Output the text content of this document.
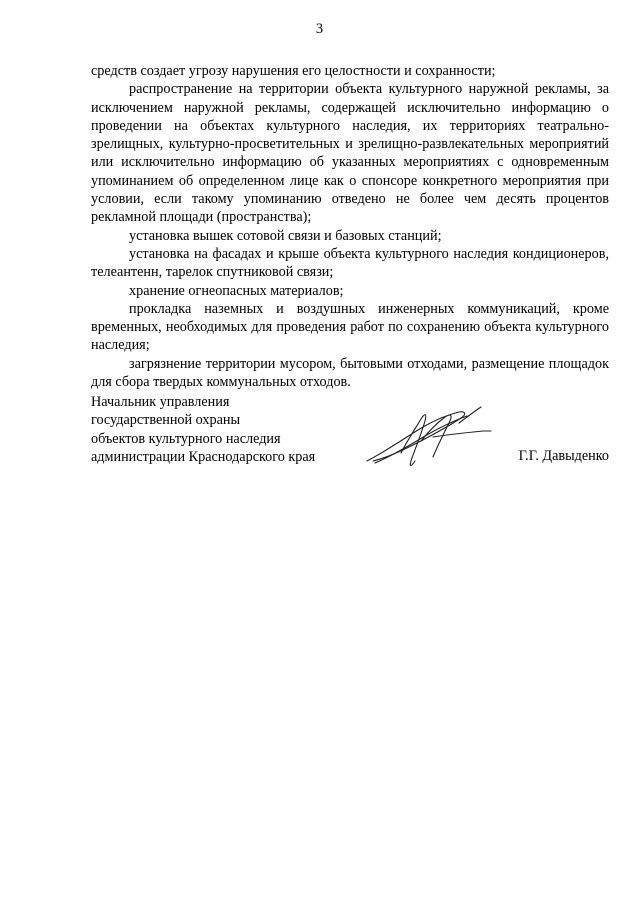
3

средств создает угрозу нарушения его целостности и сохранности;

распространение на территории объекта культурного наружной рекламы, за исключением наружной рекламы, содержащей исключительно информацию о проведении на объектах культурного наследия, их территориях театрально-зрелищных, культурно-просветительных и зрелищно-развлекательных мероприятий или исключительно информацию об указанных мероприятиях с одновременным упоминанием об определенном лице как о спонсоре конкретного мероприятия при условии, если такому упоминанию отведено не более чем десять процентов рекламной площади (пространства);

установка вышек сотовой связи и базовых станций;

установка на фасадах и крыше объекта культурного наследия кондиционеров, телеантенн, тарелок спутниковой связи;

хранение огнеопасных материалов;

прокладка наземных и воздушных инженерных коммуникаций, кроме временных, необходимых для проведения работ по сохранению объекта культурного наследия;

загрязнение территории мусором, бытовыми отходами, размещение площадок для сбора твердых коммунальных отходов.

Начальник управления
государственной охраны
объектов культурного наследия
администрации Краснодарского края	Г.Г. Давыденко
